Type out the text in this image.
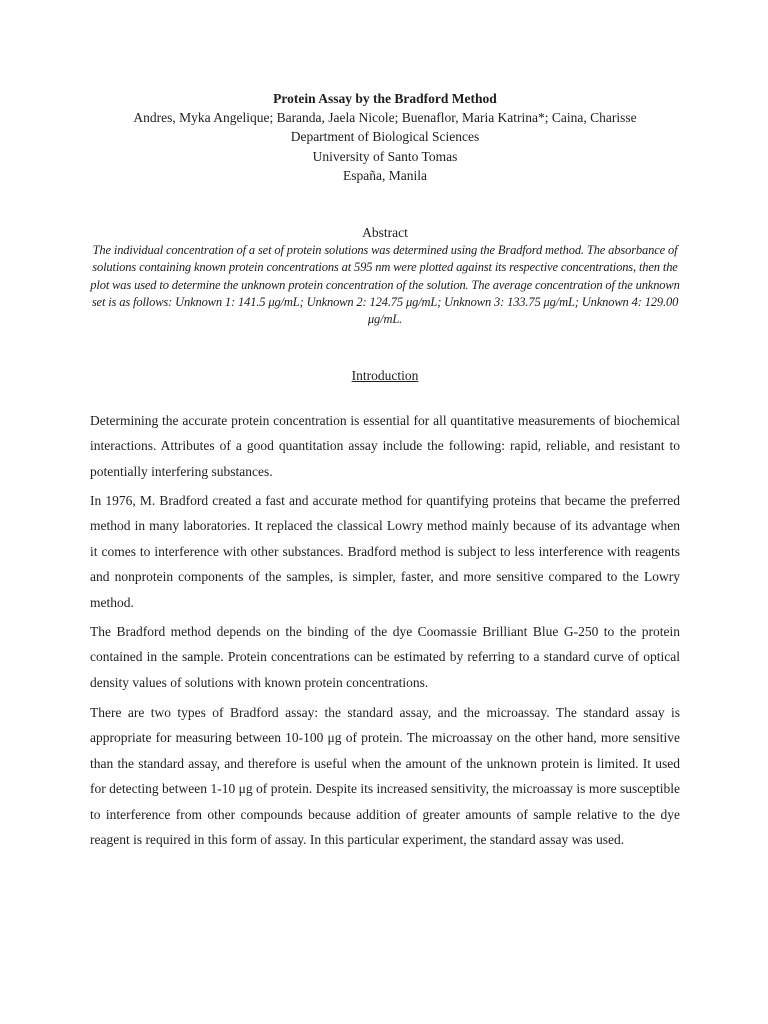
Protein Assay by the Bradford Method
Andres, Myka Angelique; Baranda, Jaela Nicole; Buenaflor, Maria Katrina*; Caina, Charisse
Department of Biological Sciences
University of Santo Tomas
España, Manila
Abstract
The individual concentration of a set of protein solutions was determined using the Bradford method. The absorbance of solutions containing known protein concentrations at 595 nm were plotted against its respective concentrations, then the plot was used to determine the unknown protein concentration of the solution. The average concentration of the unknown set is as follows: Unknown 1: 141.5 μg/mL; Unknown 2: 124.75 μg/mL; Unknown 3: 133.75 μg/mL; Unknown 4: 129.00 μg/mL.
Introduction

Determining the accurate protein concentration is essential for all quantitative measurements of biochemical interactions. Attributes of a good quantitation assay include the following: rapid, reliable, and resistant to potentially interfering substances.

In 1976, M. Bradford created a fast and accurate method for quantifying proteins that became the preferred method in many laboratories. It replaced the classical Lowry method mainly because of its advantage when it comes to interference with other substances. Bradford method is subject to less interference with reagents and nonprotein components of the samples, is simpler, faster, and more sensitive compared to the Lowry method.

The Bradford method depends on the binding of the dye Coomassie Brilliant Blue G-250 to the protein contained in the sample. Protein concentrations can be estimated by referring to a standard curve of optical density values of solutions with known protein concentrations.

There are two types of Bradford assay: the standard assay, and the microassay. The standard assay is appropriate for measuring between 10-100 μg of protein. The microassay on the other hand, more sensitive than the standard assay, and therefore is useful when the amount of the unknown protein is limited. It used for detecting between 1-10 μg of protein. Despite its increased sensitivity, the microassay is more susceptible to interference from other compounds because addition of greater amounts of sample relative to the dye reagent is required in this form of assay. In this particular experiment, the standard assay was used.
